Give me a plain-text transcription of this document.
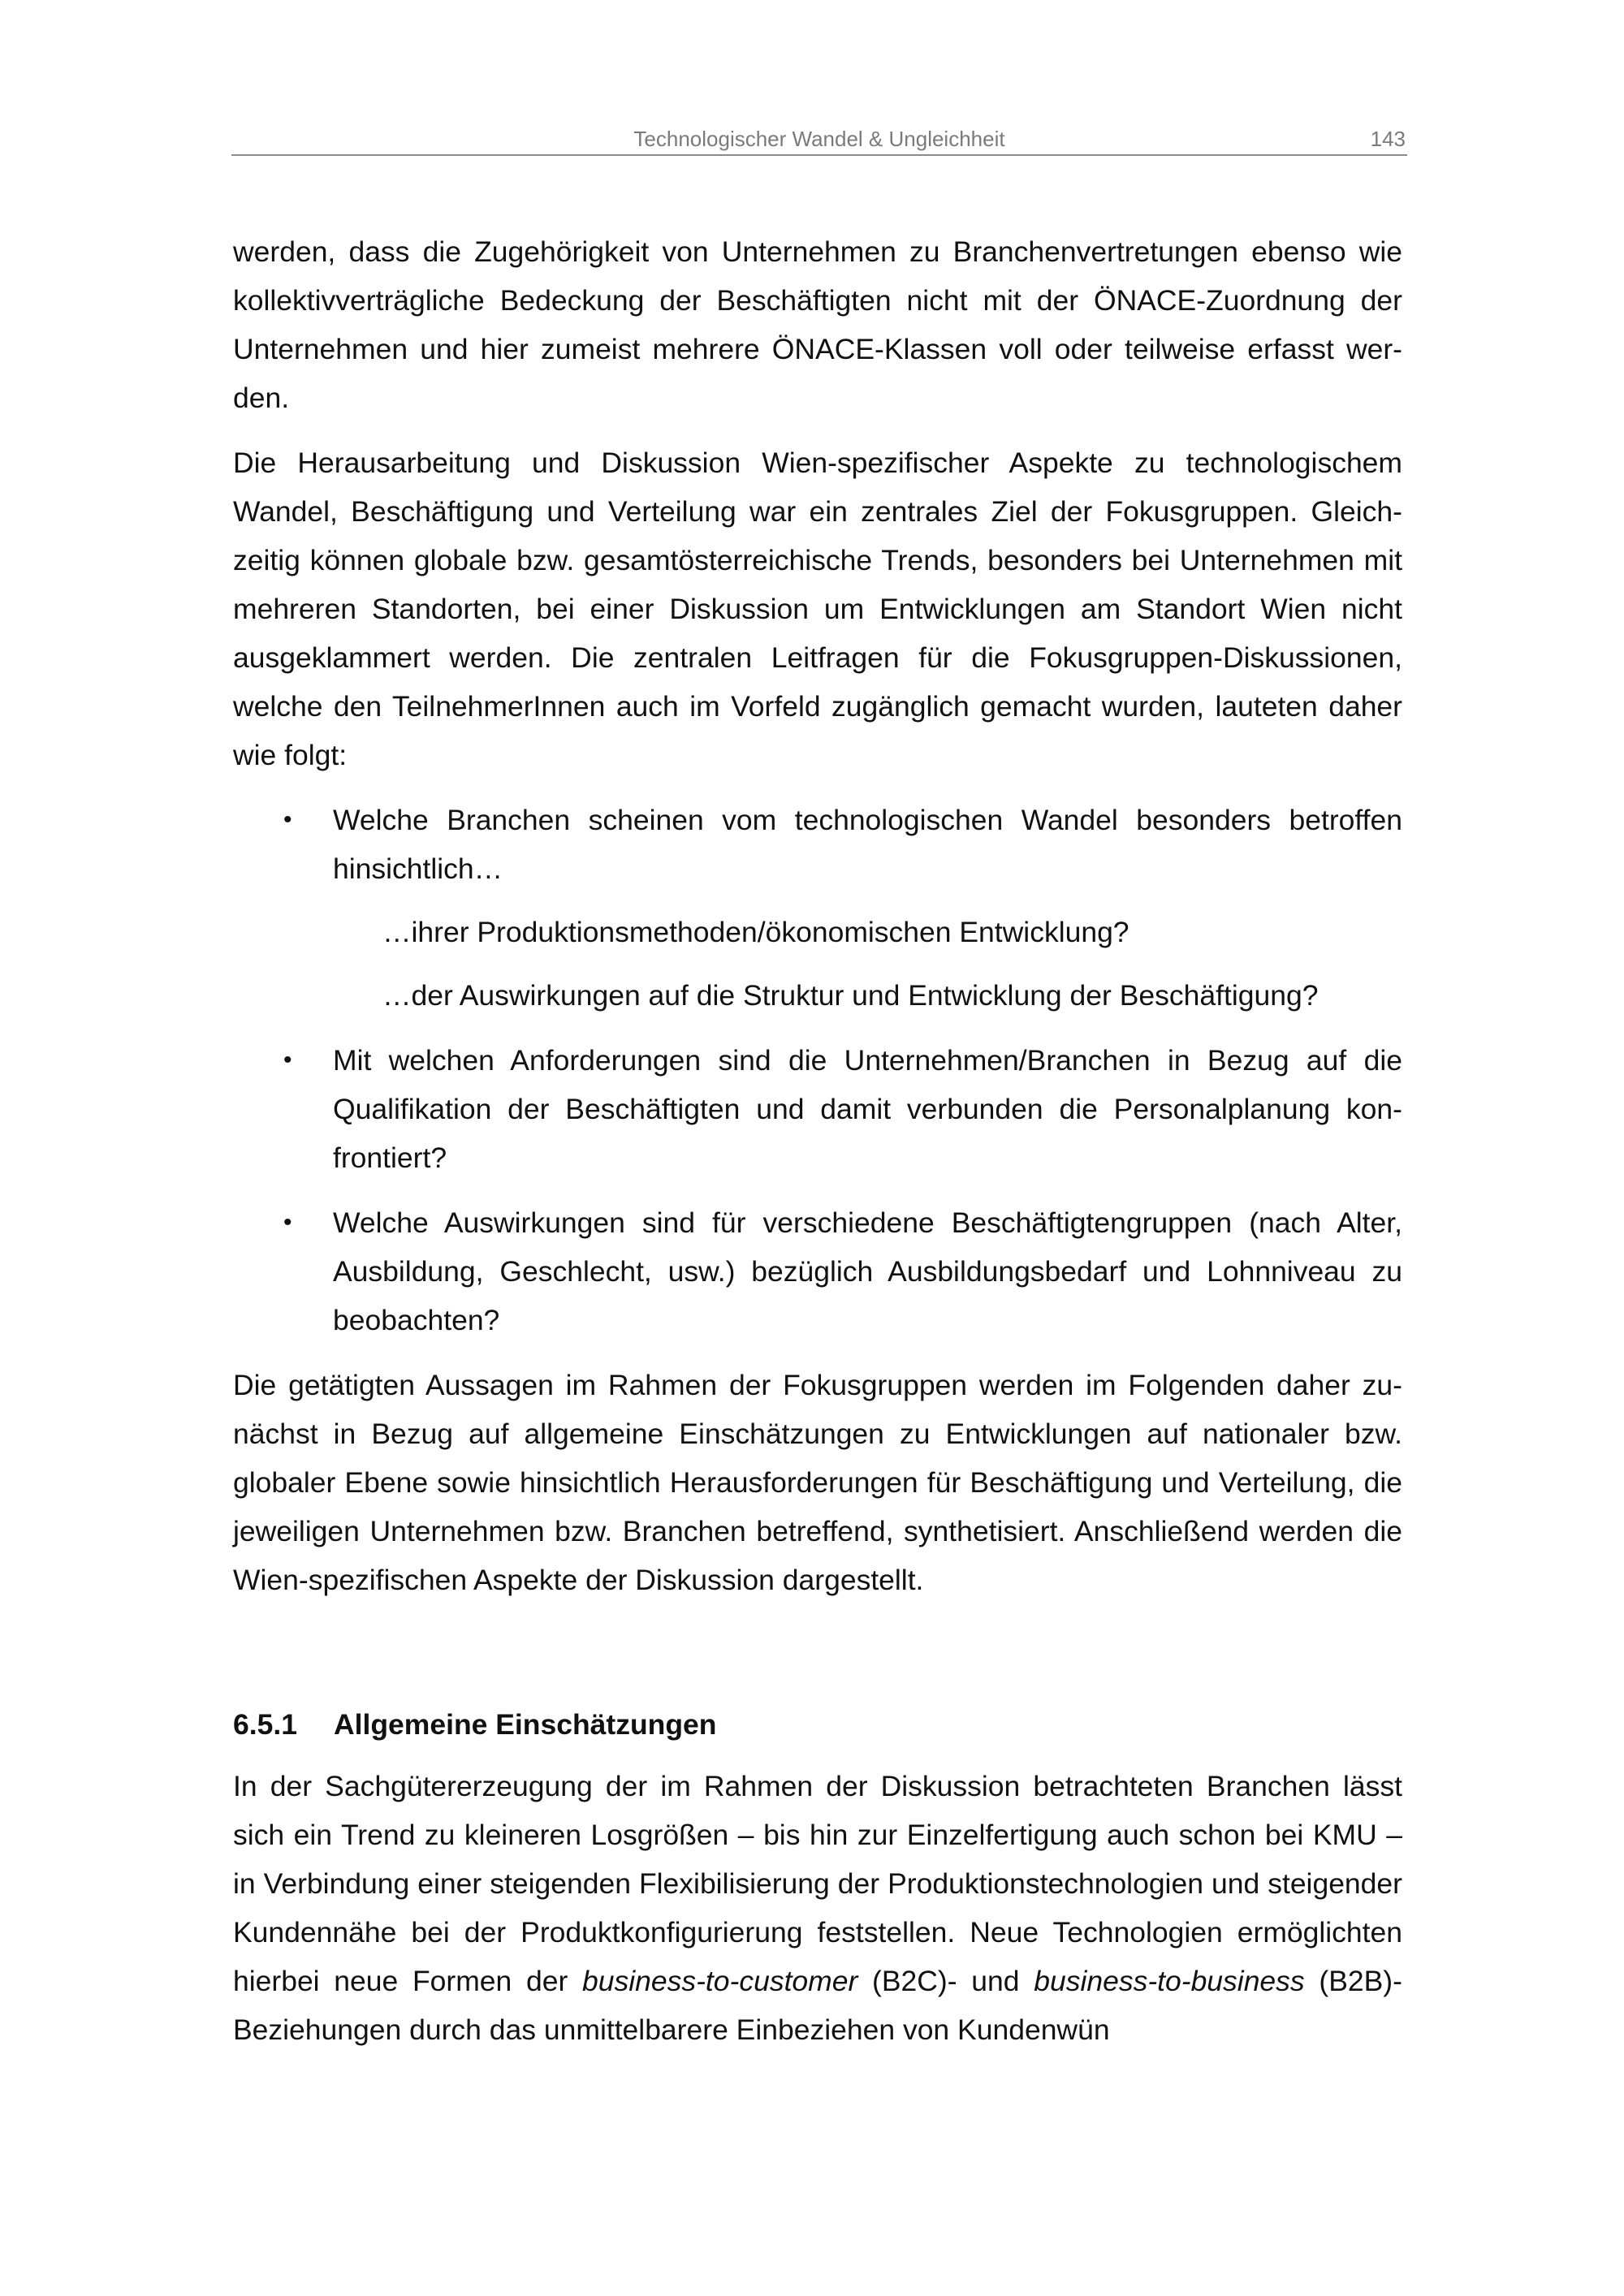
Technologischer Wandel & Ungleichheit	143

werden, dass die Zugehörigkeit von Unternehmen zu Branchenvertretungen ebenso wie kollektivverträgliche Bedeckung der Beschäftigten nicht mit der ÖNACE-Zuordnung der Unternehmen und hier zumeist mehrere ÖNACE-Klassen voll oder teilweise erfasst werden.

Die Herausarbeitung und Diskussion Wien-spezifischer Aspekte zu technologischem Wandel, Beschäftigung und Verteilung war ein zentrales Ziel der Fokusgruppen. Gleichzeitig können globale bzw. gesamtösterreichische Trends, besonders bei Unternehmen mit mehreren Standorten, bei einer Diskussion um Entwicklungen am Standort Wien nicht ausgeklammert werden. Die zentralen Leitfragen für die Fokusgruppen-Diskussionen, welche den TeilnehmerInnen auch im Vorfeld zugänglich gemacht wurden, lauteten daher wie folgt:

• Welche Branchen scheinen vom technologischen Wandel besonders betroffen hinsichtlich…
…ihrer Produktionsmethoden/ökonomischen Entwicklung?
…der Auswirkungen auf die Struktur und Entwicklung der Beschäftigung?
• Mit welchen Anforderungen sind die Unternehmen/Branchen in Bezug auf die Qualifikation der Beschäftigten und damit verbunden die Personalplanung konfrontiert?
• Welche Auswirkungen sind für verschiedene Beschäftigtengruppen (nach Alter, Ausbildung, Geschlecht, usw.) bezüglich Ausbildungsbedarf und Lohnniveau zu beobachten?

Die getätigten Aussagen im Rahmen der Fokusgruppen werden im Folgenden daher zunächst in Bezug auf allgemeine Einschätzungen zu Entwicklungen auf nationaler bzw. globaler Ebene sowie hinsichtlich Herausforderungen für Beschäftigung und Verteilung, die jeweiligen Unternehmen bzw. Branchen betreffend, synthetisiert. Anschließend werden die Wien-spezifischen Aspekte der Diskussion dargestellt.

6.5.1 Allgemeine Einschätzungen

In der Sachgütererzeugung der im Rahmen der Diskussion betrachteten Branchen lässt sich ein Trend zu kleineren Losgrößen – bis hin zur Einzelfertigung auch schon bei KMU – in Verbindung einer steigenden Flexibilisierung der Produktionstechnologien und steigender Kundennähe bei der Produktkonfigurierung feststellen. Neue Technologien ermöglichten hierbei neue Formen der business-to-customer (B2C)- und business-to-business (B2B)-Beziehungen durch das unmittelbarere Einbeziehen von Kundenwün
